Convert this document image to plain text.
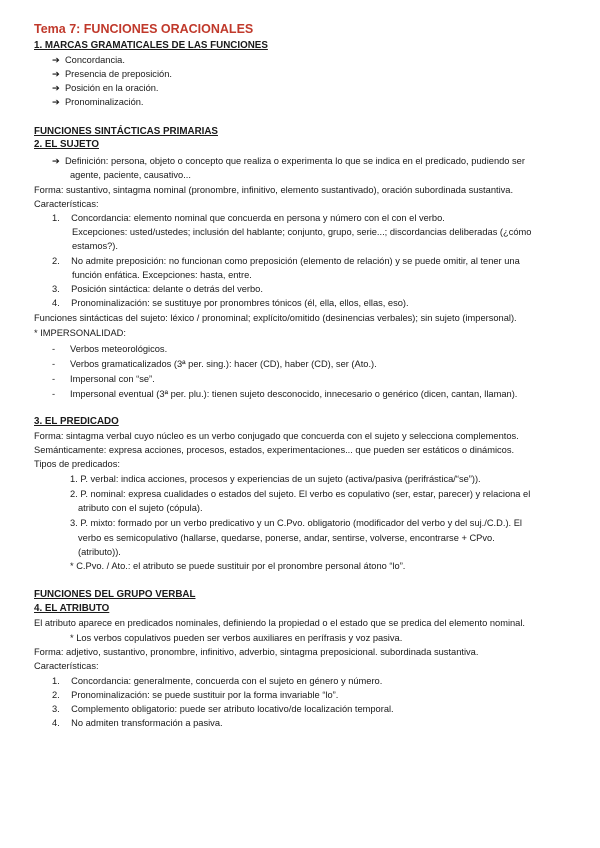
Tema 7: FUNCIONES ORACIONALES
1. MARCAS GRAMATICALES DE LAS FUNCIONES
➔ Concordancia.
➔ Presencia de preposición.
➔ Posición en la oración.
➔ Pronominalización.
FUNCIONES SINTÁCTICAS PRIMARIAS
2. EL SUJETO
➔ Definición: persona, objeto o concepto que realiza o experimenta lo que se indica en el predicado, pudiendo ser
agente, paciente, causativo...
Forma: sustantivo, sintagma nominal (pronombre, infinitivo, elemento sustantivado), oración subordinada sustantiva.
Características:
1. Concordancia: elemento nominal que concuerda en persona y número con el con el verbo.
Excepciones: usted/ustedes; inclusión del hablante; conjunto, grupo, serie...; discordancias deliberadas (¿cómo
estamos?).
2. No admite preposición: no funcionan como preposición (elemento de relación) y se puede omitir, al tener una
función enfática. Excepciones: hasta, entre.
3. Posición sintáctica: delante o detrás del verbo.
4. Pronominalización: se sustituye por pronombres tónicos (él, ella, ellos, ellas, eso).
Funciones sintácticas del sujeto: léxico / pronominal; explícito/omitido (desinencias verbales); sin sujeto (impersonal).
* IMPERSONALIDAD:
- Verbos meteorológicos.
- Verbos gramaticalizados (3ª per. sing.): hacer (CD), haber (CD), ser (Ato.).
- Impersonal con “se”.
- Impersonal eventual (3ª per. plu.): tienen sujeto desconocido, innecesario o genérico (dicen, cantan, llaman).
3. EL PREDICADO
Forma: sintagma verbal cuyo núcleo es un verbo conjugado que concuerda con el sujeto y selecciona complementos.
Semánticamente: expresa acciones, procesos, estados, experimentaciones... que pueden ser estáticos o dinámicos.
Tipos de predicados:
1. P. verbal: indica acciones, procesos y experiencias de un sujeto (activa/pasiva (perifrástica/“se”)).
2. P. nominal: expresa cualidades o estados del sujeto. El verbo es copulativo (ser, estar, parecer) y relaciona el
atributo con el sujeto (cópula).
3. P. mixto: formado por un verbo predicativo y un C.Pvo. obligatorio (modificador del verbo y del suj./C.D.). El
verbo es semicopulativo (hallarse, quedarse, ponerse, andar, sentirse, volverse, encontrarse + CPvo.
(atributo)).
* C.Pvo. / Ato.: el atributo se puede sustituir por el pronombre personal átono “lo”.
FUNCIONES DEL GRUPO VERBAL
4. EL ATRIBUTO
El atributo aparece en predicados nominales, definiendo la propiedad o el estado que se predica del elemento nominal.
* Los verbos copulativos pueden ser verbos auxiliares en perífrasis y voz pasiva.
Forma: adjetivo, sustantivo, pronombre, infinitivo, adverbio, sintagma preposicional. subordinada sustantiva.
Características:
1. Concordancia: generalmente, concuerda con el sujeto en género y número.
2. Pronominalización: se puede sustituir por la forma invariable “lo”.
3. Complemento obligatorio: puede ser atributo locativo/de localización temporal.
4. No admiten transformación a pasiva.
